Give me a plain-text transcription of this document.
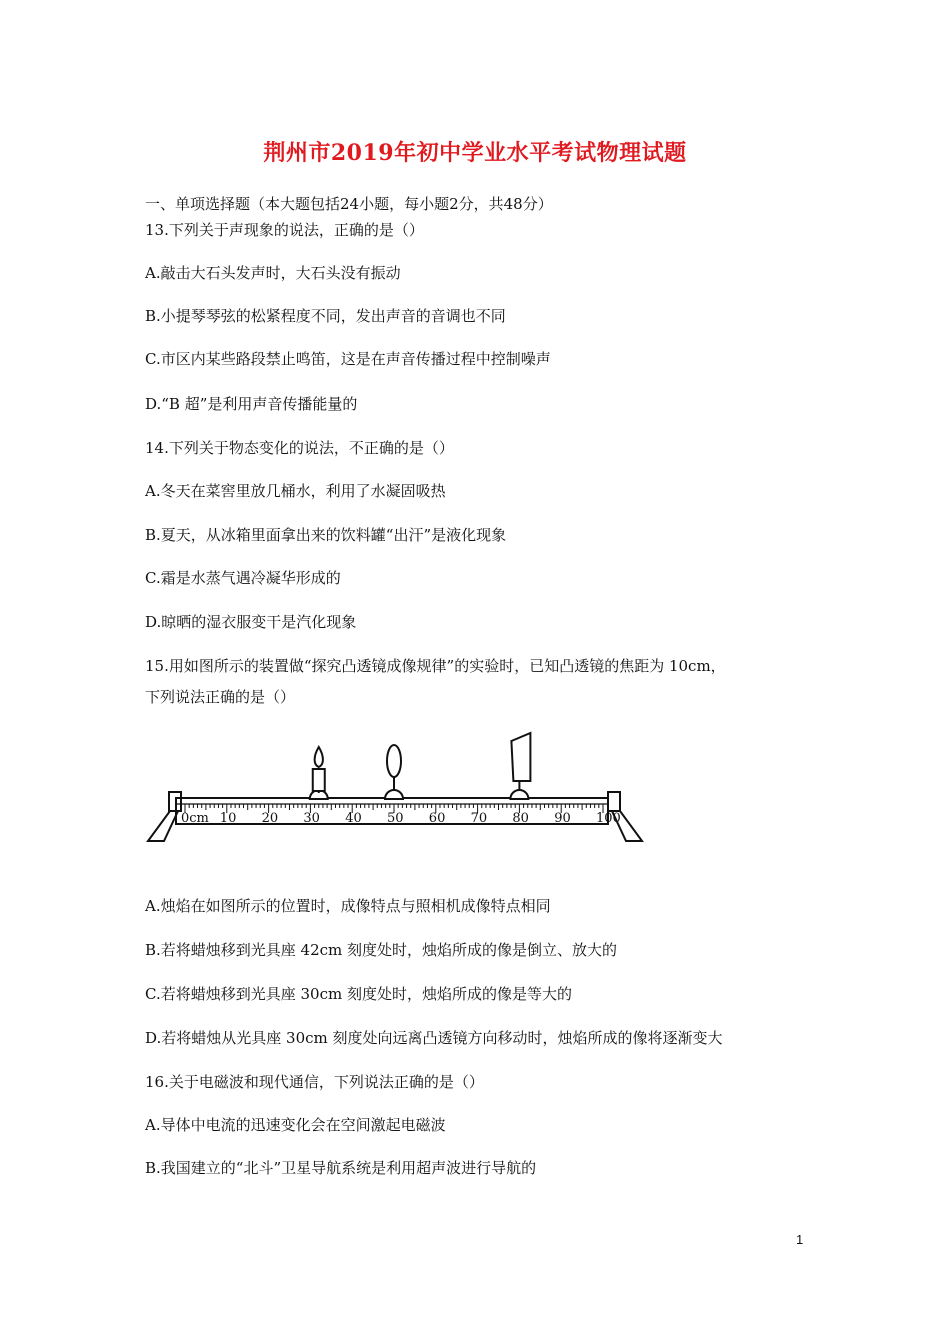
荆州市2019年初中学业水平考试物理试题
一、单项选择题（本大题包括24小题，每小题2分，共48分）
13.下列关于声现象的说法，正确的是（）
A.敲击大石头发声时，大石头没有振动
B.小提琴琴弦的松紧程度不同，发出声音的音调也不同
C.市区内某些路段禁止鸣笛，这是在声音传播过程中控制噪声
D.“B 超”是利用声音传播能量的
14.下列关于物态变化的说法，不正确的是（）
A.冬天在菜窖里放几桶水，利用了水凝固吸热
B.夏天，从冰箱里面拿出来的饮料罐“出汗”是液化现象
C.霜是水蒸气遇冷凝华形成的
D.晾晒的湿衣服变干是汽化现象
15.用如图所示的装置做“探究凸透镜成像规律”的实验时，已知凸透镜的焦距为 10cm，
下列说法正确的是（）
0cm 10 20 30 40 50 60 70 80 90 100
A.烛焰在如图所示的位置时，成像特点与照相机成像特点相同
B.若将蜡烛移到光具座 42cm 刻度处时，烛焰所成的像是倒立、放大的
C.若将蜡烛移到光具座 30cm 刻度处时，烛焰所成的像是等大的
D.若将蜡烛从光具座 30cm 刻度处向远离凸透镜方向移动时，烛焰所成的像将逐渐变大
16.关于电磁波和现代通信，下列说法正确的是（）
A.导体中电流的迅速变化会在空间激起电磁波
B.我国建立的“北斗”卫星导航系统是利用超声波进行导航的
1
